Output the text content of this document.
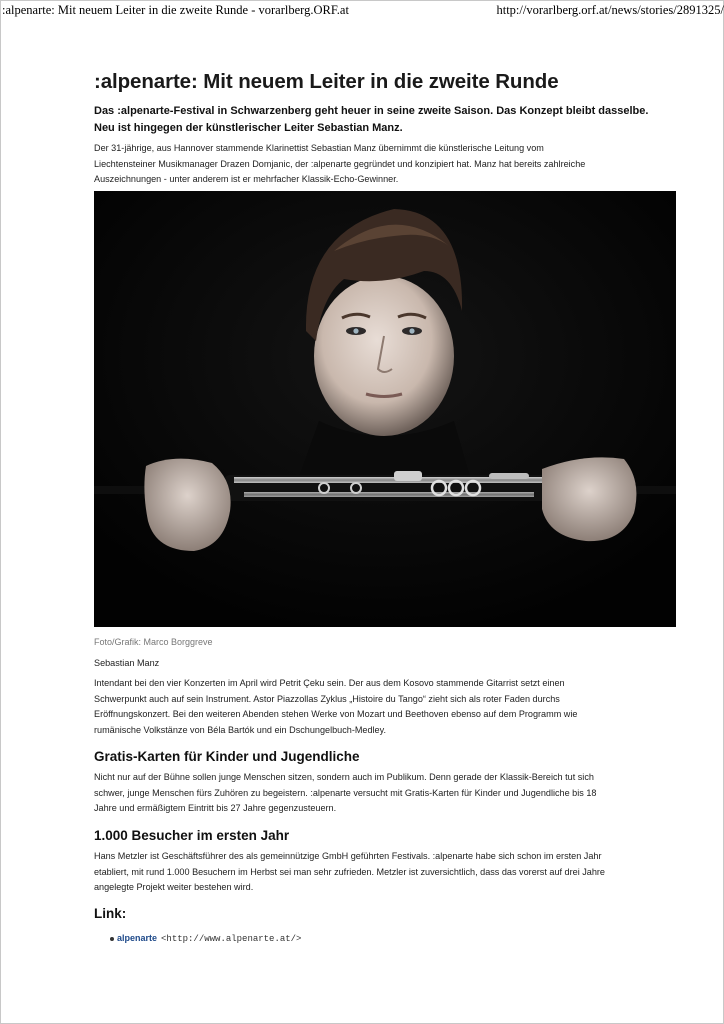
:alpenarte: Mit neuem Leiter in die zweite Runde - vorarlberg.ORF.at	http://vorarlberg.orf.at/news/stories/2891325/
:alpenarte: Mit neuem Leiter in die zweite Runde

Das :alpenarte-Festival in Schwarzenberg geht heuer in seine zweite Saison. Das Konzept bleibt dasselbe.
Neu ist hingegen der künstlerischer Leiter Sebastian Manz.

Der 31-jährige, aus Hannover stammende Klarinettist Sebastian Manz übernimmt die künstlerische Leitung vom
Liechtensteiner Musikmanager Drazen Domjanic, der :alpenarte gegründet und konzipiert hat. Manz hat bereits zahlreiche
Auszeichnungen - unter anderem ist er mehrfacher Klassik-Echo-Gewinner.

Foto/Grafik: Marco Borggreve

Sebastian Manz

Intendant bei den vier Konzerten im April wird Petrit Çeku sein. Der aus dem Kosovo stammende Gitarrist setzt einen
Schwerpunkt auch auf sein Instrument. Astor Piazzollas Zyklus „Histoire du Tango“ zieht sich als roter Faden durchs
Eröffnungskonzert. Bei den weiteren Abenden stehen Werke von Mozart und Beethoven ebenso auf dem Programm wie
rumänische Volkstänze von Béla Bartók und ein Dschungelbuch-Medley.

Gratis-Karten für Kinder und Jugendliche

Nicht nur auf der Bühne sollen junge Menschen sitzen, sondern auch im Publikum. Denn gerade der Klassik-Bereich tut sich
schwer, junge Menschen fürs Zuhören zu begeistern. :alpenarte versucht mit Gratis-Karten für Kinder und Jugendliche bis 18
Jahre und ermäßigtem Eintritt bis 27 Jahre gegenzusteuern.

1.000 Besucher im ersten Jahr

Hans Metzler ist Geschäftsführer des als gemeinnützige GmbH geführten Festivals. :alpenarte habe sich schon im ersten Jahr
etabliert, mit rund 1.000 Besuchern im Herbst sei man sehr zufrieden. Metzler ist zuversichtlich, dass das vorerst auf drei Jahre
angelegte Projekt weiter bestehen wird.

Link:
alpenarte <http://www.alpenarte.at/>
